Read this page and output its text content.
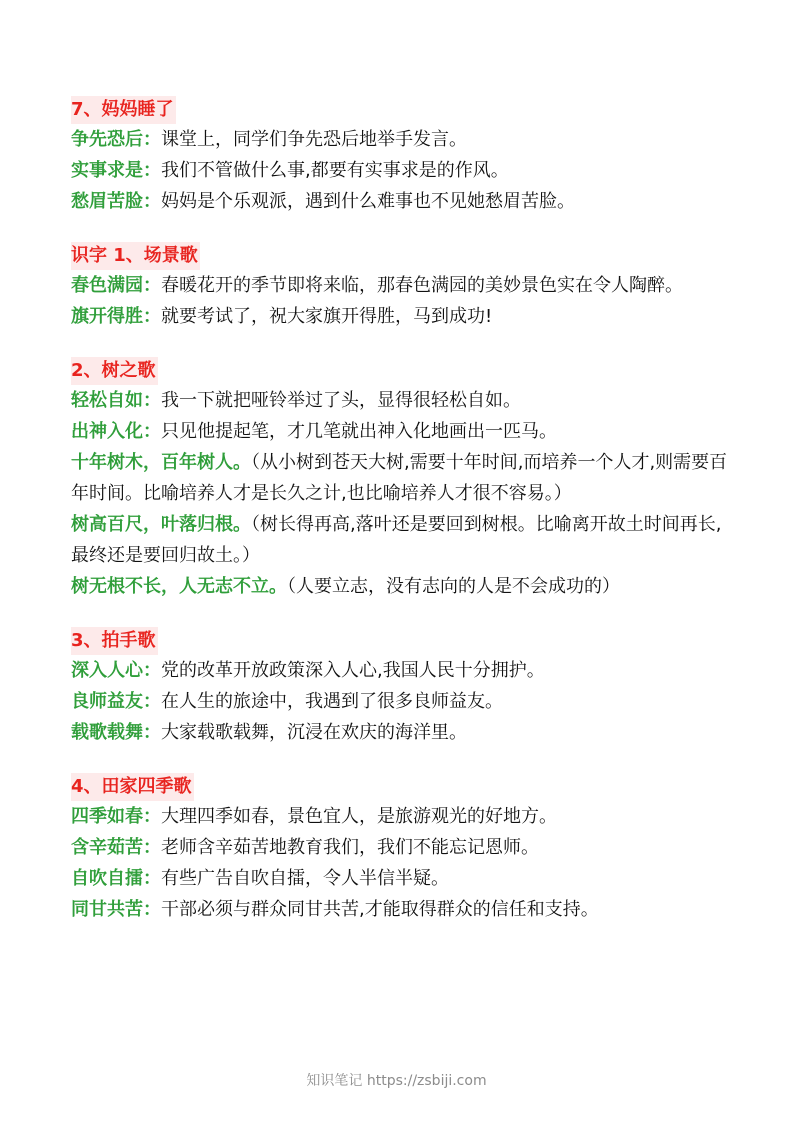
7、妈妈睡了

争先恐后：课堂上，同学们争先恐后地举手发言。

实事求是：我们不管做什么事,都要有实事求是的作风。

愁眉苦脸：妈妈是个乐观派，遇到什么难事也不见她愁眉苦脸。

识字 1、场景歌

春色满园：春暖花开的季节即将来临，那春色满园的美妙景色实在令人陶醉。

旗开得胜：就要考试了，祝大家旗开得胜，马到成功!

2、树之歌

轻松自如：我一下就把哑铃举过了头，显得很轻松自如。

出神入化：只见他提起笔，才几笔就出神入化地画出一匹马。

十年树木，百年树人。（从小树到苍天大树,需要十年时间,而培养一个人才,则需要百年时间。比喻培养人才是长久之计,也比喻培养人才很不容易。）

树高百尺，叶落归根。（树长得再高,落叶还是要回到树根。比喻离开故土时间再长,最终还是要回归故土。）

树无根不长，人无志不立。（人要立志，没有志向的人是不会成功的）

3、拍手歌

深入人心：党的改革开放政策深入人心,我国人民十分拥护。

良师益友：在人生的旅途中，我遇到了很多良师益友。

载歌载舞：大家载歌载舞，沉浸在欢庆的海洋里。

4、田家四季歌

四季如春：大理四季如春，景色宜人，是旅游观光的好地方。

含辛茹苦：老师含辛茹苦地教育我们，我们不能忘记恩师。

自吹自擂：有些广告自吹自擂，令人半信半疑。

同甘共苦：干部必须与群众同甘共苦,才能取得群众的信任和支持。

知识笔记 https://zsbiji.com
